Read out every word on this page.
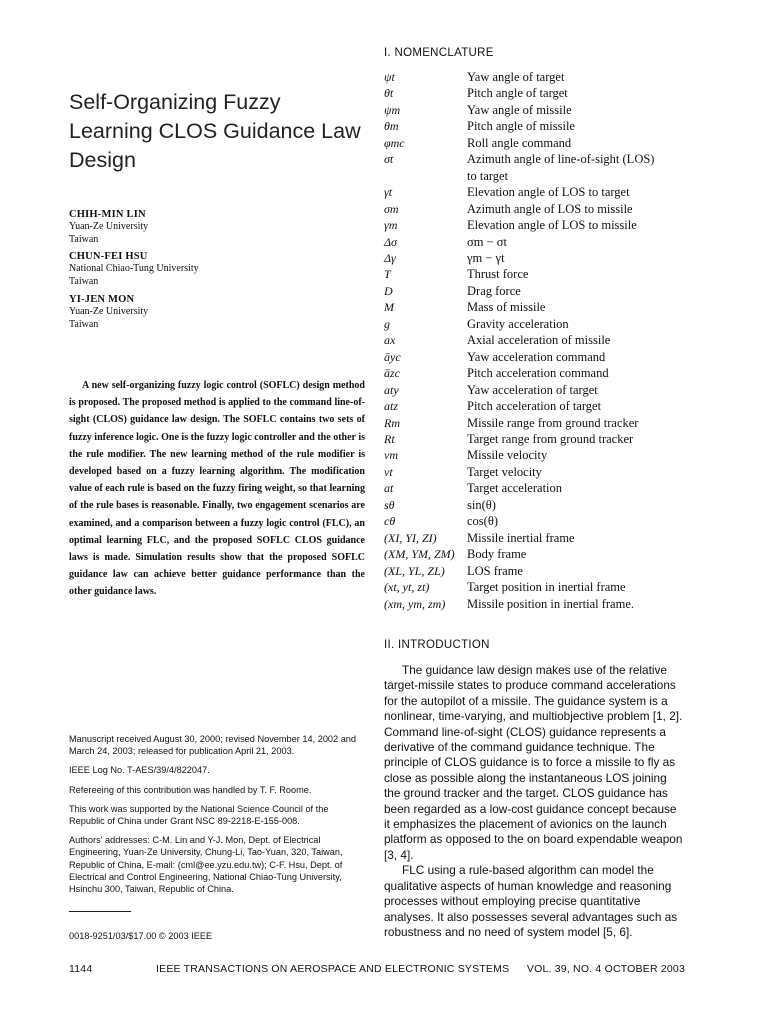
Self-Organizing Fuzzy Learning CLOS Guidance Law Design
CHIH-MIN LIN
Yuan-Ze University
Taiwan
CHUN-FEI HSU
National Chiao-Tung University
Taiwan
YI-JEN MON
Yuan-Ze University
Taiwan
A new self-organizing fuzzy logic control (SOFLC) design method is proposed. The proposed method is applied to the command line-of-sight (CLOS) guidance law design. The SOFLC contains two sets of fuzzy inference logic. One is the fuzzy logic controller and the other is the rule modifier. The new learning method of the rule modifier is developed based on a fuzzy learning algorithm. The modification value of each rule is based on the fuzzy firing weight, so that learning of the rule bases is reasonable. Finally, two engagement scenarios are examined, and a comparison between a fuzzy logic control (FLC), an optimal learning FLC, and the proposed SOFLC CLOS guidance laws is made. Simulation results show that the proposed SOFLC guidance law can achieve better guidance performance than the other guidance laws.

Manuscript received August 30, 2000; revised November 14, 2002 and March 24, 2003; released for publication April 21, 2003.

IEEE Log No. T-AES/39/4/822047.

Refereeing of this contribution was handled by T. F. Roome.

This work was supported by the National Science Council of the Republic of China under Grant NSC 89-2218-E-155-008.

Authors' addresses: C-M. Lin and Y-J. Mon, Dept. of Electrical Engineering, Yuan-Ze University, Chung-Li, Tao-Yuan, 320, Taiwan, Republic of China, E-mail: (cml@ee.yzu.edu.tw); C-F. Hsu, Dept. of Electrical and Control Engineering, National Chiao-Tung University, Hsinchu 300, Taiwan, Republic of China.

0018-9251/03/$17.00 © 2003 IEEE
I. NOMENCLATURE
ψt	Yaw angle of target
θt	Pitch angle of target
ψm	Yaw angle of missile
θm	Pitch angle of missile
φmc	Roll angle command
σt	Azimuth angle of line-of-sight (LOS)
to target
γt	Elevation angle of LOS to target
σm	Azimuth angle of LOS to missile
γm	Elevation angle of LOS to missile
Δσ	σm − σt
Δγ	γm − γt
T	Thrust force
D	Drag force
M	Mass of missile
g	Gravity acceleration
ax	Axial acceleration of missile
āyc	Yaw acceleration command
āzc	Pitch acceleration command
aty	Yaw acceleration of target
atz	Pitch acceleration of target
Rm	Missile range from ground tracker
Rt	Target range from ground tracker
vm	Missile velocity
vt	Target velocity
at	Target acceleration
sθ	sin(θ)
cθ	cos(θ)
(XI, YI, ZI)	Missile inertial frame
(XM, YM, ZM) Body frame
(XL, YL, ZL)	LOS frame
(xt, yt, zt)	Target position in inertial frame
(xm, ym, zm)	Missile position in inertial frame.
II. INTRODUCTION

The guidance law design makes use of the relative target-missile states to produce command accelerations for the autopilot of a missile. The guidance system is a nonlinear, time-varying, and multiobjective problem [1, 2]. Command line-of-sight (CLOS) guidance represents a derivative of the command guidance technique. The principle of CLOS guidance is to force a missile to fly as close as possible along the instantaneous LOS joining the ground tracker and the target. CLOS guidance has been regarded as a low-cost guidance concept because it emphasizes the placement of avionics on the launch platform as opposed to the on board expendable weapon [3, 4].

FLC using a rule-based algorithm can model the qualitative aspects of human knowledge and reasoning processes without employing precise quantitative analyses. It also possesses several advantages such as robustness and no need of system model [5, 6].

1144	IEEE TRANSACTIONS ON AEROSPACE AND ELECTRONIC SYSTEMS VOL. 39, NO. 4 OCTOBER 2003
